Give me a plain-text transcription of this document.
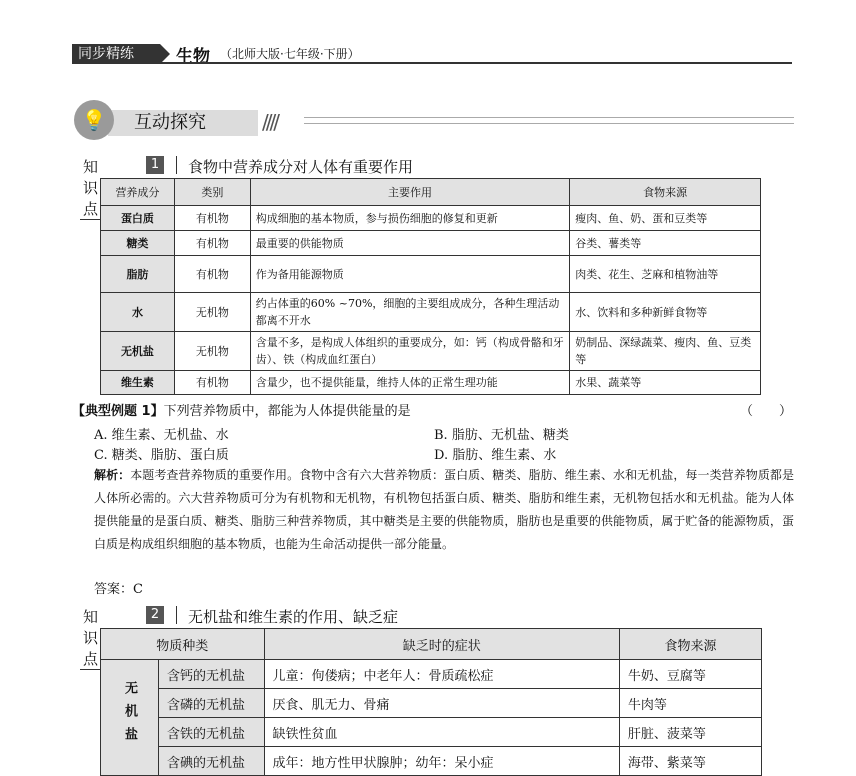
同步精练	生物 （北师大版·七年级·下册）
互动探究
💡	////
知识点
1	食物中营养成分对人体有重要作用
营养成分	类别	主要作用	食物来源
蛋白质	有机物	构成细胞的基本物质，参与损伤细胞的修复和更新	瘦肉、鱼、奶、蛋和豆类等
糖类	有机物	最重要的供能物质	谷类、薯类等
脂肪	有机物	作为备用能源物质	肉类、花生、芝麻和植物油等
水	无机物	约占体重的60% ~70%，细胞的主要组成成分，各种生理活动都离不开水	水、饮料和多种新鲜食物等
无机盐	无机物	含量不多，是构成人体组织的重要成分，如：钙（构成骨骼和牙齿）、铁（构成血红蛋白）	奶制品、深绿蔬菜、瘦肉、鱼、豆类等
维生素	有机物	含量少，也不提供能量，维持人体的正常生理功能	水果、蔬菜等
【典型例题 1】下列营养物质中，都能为人体提供能量的是	（　　）
A. 维生素、无机盐、水	B. 脂肪、无机盐、糖类
C. 糖类、脂肪、蛋白质	D. 脂肪、维生素、水
解析：本题考查营养物质的重要作用。食物中含有六大营养物质：蛋白质、糖类、脂肪、维生素、水和无机盐，每一类营养物质都是人体所必需的。六大营养物质可分为有机物和无机物，有机物包括蛋白质、糖类、脂肪和维生素，无机物包括水和无机盐。能为人体提供能量的是蛋白质、糖类、脂肪三种营养物质，其中糖类是主要的供能物质，脂肪也是重要的供能物质，属于贮备的能源物质，蛋白质是构成组织细胞的基本物质，也能为生命活动提供一部分能量。
答案：C
知识点
2	无机盐和维生素的作用、缺乏症
物质种类		缺乏时的症状	食物来源
无机盐	含钙的无机盐	儿童：佝偻病；中老年人：骨质疏松症	牛奶、豆腐等
	含磷的无机盐	厌食、肌无力、骨痛	牛肉等
	含铁的无机盐	缺铁性贫血	肝脏、菠菜等
	含碘的无机盐	成年：地方性甲状腺肿；幼年：呆小症	海带、紫菜等
